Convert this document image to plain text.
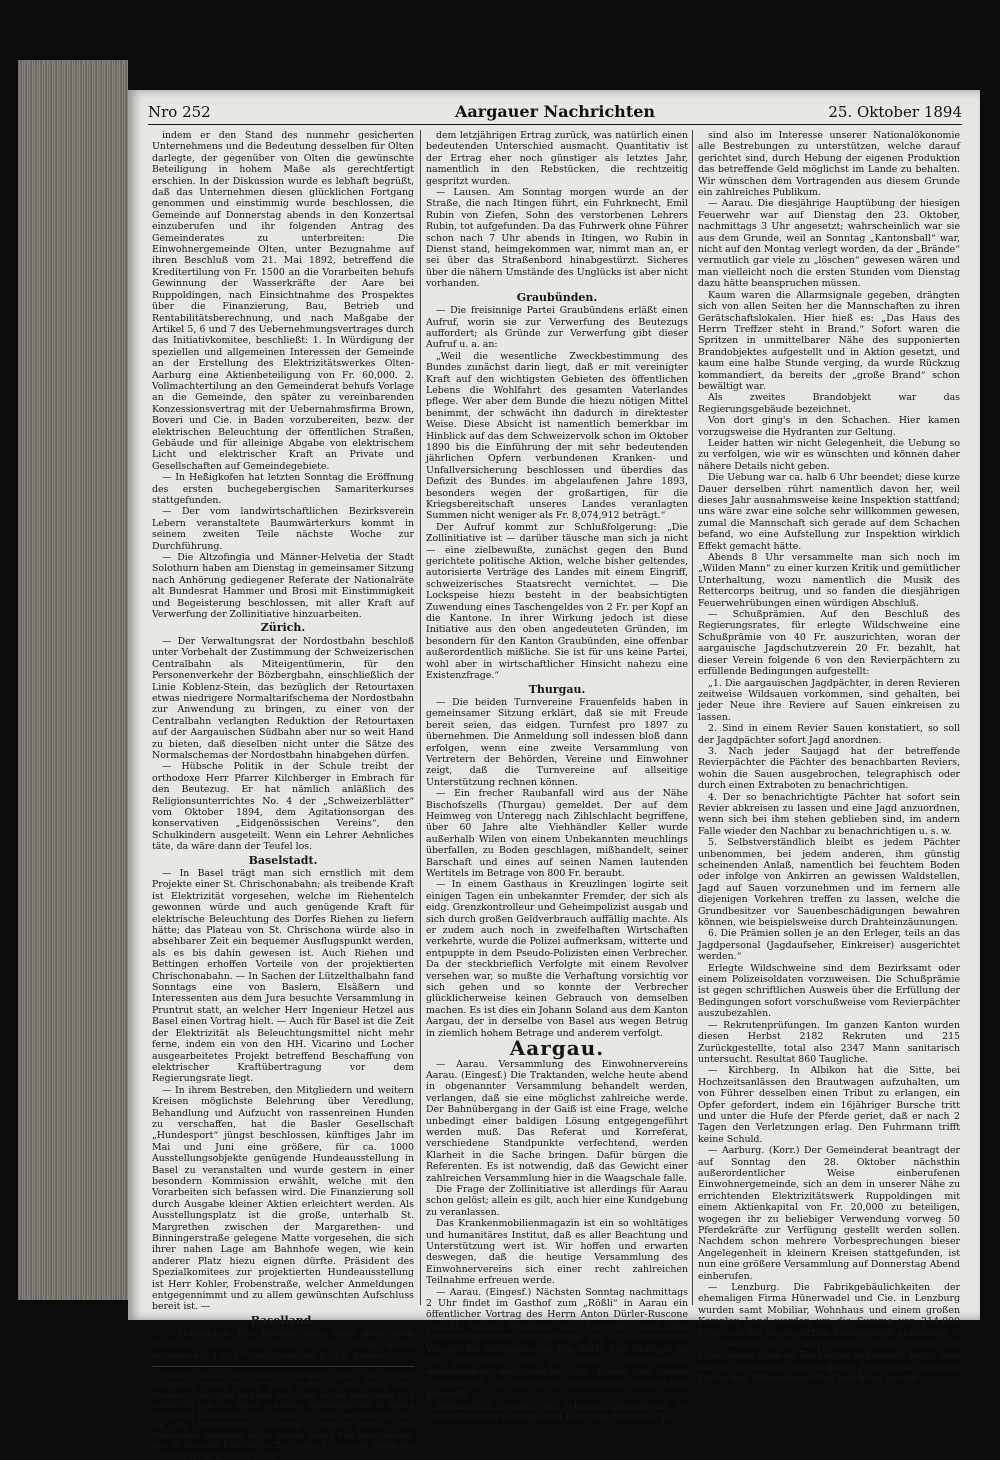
Nro 252	Aargauer Nachrichten	25. Oktober 1894

indem er den Stand des nunmehr gesicherten Unternehmens und die Bedeutung desselben für Olten darlegte, der gegenüber von Olten die gewünschte Beteiligung in hohem Maße als gerechtfertigt erschien. In der Diskussion wurde es lebhaft begrüßt, daß das Unternehmen diesen glücklichen Fortgang genommen und einstimmig wurde beschlossen, die Gemeinde auf Donnerstag abends in den Konzertsal einzuberufen und ihr folgenden Antrag des Gemeinderates zu unterbreiten: Die Einwohnergemeinde Olten, unter Bezugnahme auf ihren Beschluß vom 21. Mai 1892, betreffend die Kreditertilung von Fr. 1500 an die Vorarbeiten behufs Gewinnung der Wasserkräfte der Aare bei Ruppoldingen, nach Einsichtnahme des Prospektes über die Finanzierung, Bau, Betrieb und Rentabilitätsberechnung, und nach Maßgabe der Artikel 5, 6 und 7 des Uebernehmungsvertrages durch das Initiativkomitee, beschließt: 1. In Würdigung der speziellen und allgemeinen Interessen der Gemeinde an der Erstellung des Elektrizitätswerkes Olten-Aarburg eine Aktienbeteiligung von Fr. 60,000. 2. Vollmachtertilung an den Gemeinderat behufs Vorlage an die Gemeinde, den später zu vereinbarenden Konzessionsvertrag mit der Uebernahmsfirma Brown, Boveri und Cie. in Baden vorzubereiten, bezw. der elektrischen Beleuchtung der öffentlichen Straßen, Gebäude und für alleinige Abgabe von elektrischem Licht und elektrischer Kraft an Private und Gesellschaften auf Gemeindegebiete.

— In Heßigkofen hat letzten Sonntag die Eröffnung des ersten buchegebergischen Samariterkurses stattgefunden.

— Der vom landwirtschaftlichen Bezirksverein Lebern veranstaltete Baumwärterkurs kommt in seinem zweiten Teile nächste Woche zur Durchführung.

— Die Altzofingia und Männer-Helvetia der Stadt Solothurn haben am Dienstag in gemeinsamer Sitzung nach Anhörung gediegener Referate der Nationalräte alt Bundesrat Hammer und Brosi mit Einstimmigkeit und Begeisterung beschlossen, mit aller Kraft auf Verwerfung der Zollinitiative hinzuarbeiten.

Zürich.

— Der Verwaltungsrat der Nordostbahn beschloß unter Vorbehalt der Zustimmung der Schweizerischen Centralbahn als Miteigentümerin, für den Personenverkehr der Bözbergbahn, einschließlich der Linie Koblenz-Stein, das bezüglich der Retourtaxen etwas niedrigere Normaltarifschema der Nordostbahn zur Anwendung zu bringen, zu einer von der Centralbahn verlangten Reduktion der Retourtaxen auf der Aargauischen Südbahn aber nur so weit Hand zu bieten, daß dieselben nicht unter die Sätze des Normalschemas der Nordostbahn hinabgehen dürfen.

— Hübsche Politik in der Schule treibt der orthodoxe Herr Pfarrer Kilchberger in Embrach für den Beutezug. Er hat nämlich anläßlich des Religionsunterrichtes No. 4 der „Schweizerblätter“ vom Oktober 1894, dem Agitationsorgan des konservativen „Eidgenössischen Vereins“, den Schulkindern ausgeteilt. Wenn ein Lehrer Aehnliches täte, da wäre dann der Teufel los.

Baselstadt.

— In Basel trägt man sich ernstlich mit dem Projekte einer St. Chrischonabahn; als treibende Kraft ist Elektrizität vorgesehen, welche im Riehentelch gewonnen würde und auch genügende Kraft für elektrische Beleuchtung des Dorfes Riehen zu liefern hätte; das Plateau von St. Chrischona würde also in absehbarer Zeit ein bequemer Ausflugspunkt werden, als es bis dahin gewesen ist. Auch Riehen und Bettingen erhoffen Vorteile von der projektierten Chrischonabahn. — In Sachen der Lützelthalbahn fand Sonntags eine von Baslern, Elsäßern und Interessenten aus dem Jura besuchte Versammlung in Pruntrut statt, an welcher Herr Ingenieur Hetzel aus Basel einen Vortrag hielt. — Auch für Basel ist die Zeit der Elektrizität als Beleuchtungsmittel nicht mehr ferne, indem ein von den HH. Vicarino und Locher ausgearbeitetes Projekt betreffend Beschaffung von elektrischer Kraftübertragung vor dem Regierungsrate liegt.

— In ihrem Bestreben, den Mitgliedern und weitern Kreisen möglichste Belehrung über Veredlung, Behandlung und Aufzucht von rassenreinen Hunden zu verschaffen, hat die Basler Gesellschaft „Hundesport“ jüngst beschlossen, künftiges Jahr im Mai und Juni eine größere, für ca. 1000 Ausstellungsobjekte genügende Hundeausstellung in Basel zu veranstalten und wurde gestern in einer besondern Kommission erwählt, welche mit den Vorarbeiten sich befassen wird. Die Finanzierung soll durch Ausgabe kleiner Aktien erleichtert werden. Als Ausstellungsplatz ist die große, unterhalb St. Margrethen zwischen der Margarethen- und Binningerstraße gelegene Matte vorgesehen, die sich ihrer nahen Lage am Bahnhofe wegen, wie kein anderer Platz hiezu eignen dürfte. Präsident des Spezialkomitees zur projektierten Hundeausstellung ist Herr Kohler, Frobenstraße, welcher Anmeldungen entgegennimmt und zu allem gewünschten Aufschluss bereit ist. —

Baselland.

— Maisprach. Der hiesige neue Rote zieht nach Oechslin 78—80°, der Weiße 62—65°. Damit bleibt ersterer mit 15—17°, letzterer mit 8—10° hinter

standen und als die Hände geschüttelt hatten, ging sie die steinernen Stufen hinauf. Dabei raffte sie den Saum ihres Kleides in die Höhe und ließ mich zum ersten Male ihren Fuß sehen. Es war ein feiner, schmaler Damenfuß, der in einem eleganten Lackstiefelchen steckte. Es war merkwürdig, daß ich im Aussehreiten, nachdem Leopold Hülsler das Verbrechen begangen hatte, gerade diesen Fuß sehen mußte. Das ist derselbe Fuß, deffen Zeichnung ich bei den Akten des Untersuchungsprozesses habe.

dem letzjährigen Ertrag zurück, was natürlich einen bedeutenden Unterschied ausmacht. Quantitativ ist der Ertrag eher noch günstiger als letztes Jahr, namentlich in den Rebstücken, die rechtzeitig gespritzt wurden.

— Lausen. Am Sonntag morgen wurde an der Straße, die nach Itingen führt, ein Fuhrknecht, Emil Rubin von Ziefen, Sohn des verstorbenen Lehrers Rubin, tot aufgefunden. Da das Fuhrwerk ohne Führer schon nach 7 Uhr abends in Itingen, wo Rubin in Dienst stand, heimgekommen war, nimmt man an, er sei über das Straßenbord hinabgestürzt. Sicheres über die nähern Umstände des Unglücks ist aber nicht vorhanden.

Graubünden.

— Die freisinnige Partei Graubündens erläßt einen Aufruf, worin sie zur Verwerfung des Beutezugs auffordert; als Gründe zur Verwerfung gibt dieser Aufruf u. a. an:

„Weil die wesentliche Zweckbestimmung des Bundes zunächst darin liegt, daß er mit vereinigter Kraft auf den wichtigsten Gebieten des öffentlichen Lebens die Wohlfahrt des gesamten Vaterlandes pflege. Wer aber dem Bunde die hiezu nötigen Mittel benimmt, der schwächt ihn dadurch in direktester Weise. Diese Absicht ist namentlich bemerkbar im Hinblick auf das dem Schweizervolk schon im Oktober 1890 bis die Einführung der mit sehr bedeutenden jährlichen Opfern verbundenen Kranken- und Unfallversicherung beschlossen und überdies das Defizit des Bundes im abgelaufenen Jahre 1893, besonders wegen der großartigen, für die Kriegsbereitschaft unseres Landes veranlagten Summen nicht weniger als Fr. 8,074,912 beträgt.“

Der Aufruf kommt zur Schlußfolgerung: „Die Zollinitiative ist — darüber täusche man sich ja nicht — eine zielbewußte, zunächst gegen den Bund gerichtete politische Aktion, welche bisher geltendes, autorisierte Verträge des Landes mit einem Eingriff, schweizerisches Staatsrecht vernichtet. — Die Lockspeise hiezu besteht in der beabsichtigten Zuwendung eines Taschengeldes von 2 Fr. per Kopf an die Kantone. In ihrer Wirkung jedoch ist diese Initiative aus den oben angedeuteten Gründen, im besondern für den Kanton Graubünden, eine offenbar außerordentlich mißliche. Sie ist für uns keine Partei, wohl aber in wirtschaftlicher Hinsicht nahezu eine Existenzfrage.“

Thurgau.

— Die beiden Turnvereine Frauenfelds haben in gemeinsamer Sitzung erklärt, daß sie mit Freude bereit seien, das eidgen. Turnfest pro 1897 zu übernehmen. Die Anmeldung soll indessen bloß dann erfolgen, wenn eine zweite Versammlung von Vertretern der Behörden, Vereine und Einwohner zeigt, daß die Turnvereine auf allseitige Unterstützung rechnen können.

— Ein frecher Raubanfall wird aus der Nähe Bischofszells (Thurgau) gemeldet. Der auf dem Heimweg von Unteregg nach Zihlschlacht begriffene, über 60 Jahre alte Viehhändler Keller wurde außerhalb Wilen von einem Unbekannten meuchlings überfallen, zu Boden geschlagen, mißhandelt, seiner Barschaft und eines auf seinen Namen lautenden Wertitels im Betrage von 800 Fr. beraubt.

— In einem Gasthaus in Kreuzlingen logirte seit einigen Tagen ein unbekannter Fremder, der sich als eidg. Grenzkontrolleur und Geheimpolizist ausgab und sich durch großen Geldverbrauch auffällig machte. Als er zudem auch noch in zweifelhaften Wirtschaften verkehrte, wurde die Polizei aufmerksam, witterte und entpuppte in dem Pseudo-Polizisten einen Verbrecher. Da der steckbrieflich Verfolgte mit einem Revolver versehen war, so mußte die Verhaftung vorsichtig vor sich gehen und so konnte der Verbrecher glücklicherweise keinen Gebrauch von demselben machen. Es ist dies ein Johann Soland aus dem Kanton Aargau, der in derselbe von Basel aus wegen Betrug in ziemlich hohem Betrage und anderem verfolgt.

Aargau.

— Aarau. Versammlung des Einwohnervereins Aarau. (Eingesf.) Die Traktanden, welche heute abend in obgenannter Versammlung behandelt werden, verlangen, daß sie eine möglichst zahlreiche werde. Der Bahnübergang in der Gaiß ist eine Frage, welche unbedingt einer baldigen Lösung entgegengeführt werden muß. Das Referat und Korreferat, verschiedene Standpunkte verfechtend, werden Klarheit in die Sache bringen. Dafür bürgen die Referenten. Es ist notwendig, daß das Gewicht einer zahlreichen Versammlung hier in die Waagschale falle.

Die Frage der Zollinitiative ist allerdings für Aarau schon gelöst; allein es gilt, auch hier eine Kundgebung zu veranlassen.

Das Krankenmobilienmagazin ist ein so wohltätiges und humanitäres Institut, daß es aller Beachtung und Unterstützung wert ist. Wir hoffen und erwarten deswegen, daß die heutige Versammlung des Einwohnervereins sich einer recht zahlreichen Teilnahme erfreuen werde.

— Aarau. (Eingesf.) Nächsten Sonntag nachmittags 2 Uhr findet im Gasthof zum „Rößli“ in Aarau ein öffentlicher Vortrag des Herrn Anton Dürler-Ruscone von St. Gallen, Redaktor der „Tierwelt“, statt über Nutzgeflügelzucht, im Auftrage des schweizerischen Vereins für Geflügelzucht. Die Zucht von Geflügel ist für jedermann und es werden Interessenten, insbesondere auch solche vom Lande, auf diese Gelegenheit zur Belehrung gebührend aufmerksam gemacht.

Bekanntlich bezieht die Schweiz fortwährend für große Summen Geflügel und Eier vom Auslande. Es

sind also im Interesse unserer Nationalökonomie alle Bestrebungen zu unterstützen, welche darauf gerichtet sind, durch Hebung der eigenen Produktion das betreffende Geld möglichst im Lande zu behalten. Wir wünschen dem Vortragenden aus diesem Grunde ein zahlreiches Publikum.

— Aarau. Die diesjährige Hauptübung der hiesigen Feuerwehr war auf Dienstag den 23. Oktober, nachmittags 3 Uhr angesetzt; wahrscheinlich war sie aus dem Grunde, weil an Sonntag „Kantonsball“ war, nicht auf den Montag verlegt worden, da der „Brände“ vermutlich gar viele zu „löschen“ gewesen wären und man vielleicht noch die ersten Stunden vom Dienstag dazu hätte beanspruchen müssen.

Kaum waren die Allarmsignale gegeben, drängten sich von allen Seiten her die Mannschaften zu ihren Gerätschaftslokalen. Hier hieß es: „Das Haus des Herrn Treffzer steht in Brand.“ Sofort waren die Spritzen in unmittelbarer Nähe des supponierten Brandobjektes aufgestellt und in Aktion gesetzt, und kaum eine halbe Stunde verging, da wurde Rückzug kommandiert, da bereits der „große Brand“ schon bewältigt war.

Als zweites Brandobjekt war das Regierungsgebäude bezeichnet.

Von dort ging's in den Schachen. Hier kamen vorzugsweise die Hydranten zur Geltung.

Leider hatten wir nicht Gelegenheit, die Uebung so zu verfolgen, wie wir es wünschten und können daher nähere Details nicht geben.

Die Uebung war ca. halb 6 Uhr beendet; diese kurze Dauer derselben rührt namentlich davon her, weil dieses Jahr ausnahmsweise keine Inspektion stattfand; uns wäre zwar eine solche sehr willkommen gewesen, zumal die Mannschaft sich gerade auf dem Schachen befand, wo eine Aufstellung zur Inspektion wirklich Effekt gemacht hätte.

Abends 8 Uhr versammelte man sich noch im „Wilden Mann“ zu einer kurzen Kritik und gemütlicher Unterhaltung, wozu namentlich die Musik des Rettercorps beitrug, und so fanden die diesjährigen Feuerwehrübungen einen würdigen Abschluß.

— Schußprämien. Auf den Beschluß des Regierungsrates, für erlegte Wildschweine eine Schußprämie von 40 Fr. auszurichten, woran der aargauische Jagdschutzverein 20 Fr. bezahlt, hat dieser Verein folgende 6 von den Revierpächtern zu erfüllende Bedingungen aufgestellt:

„1. Die aargauischen Jagdpächter, in deren Revieren zeitweise Wildsauen vorkommen, sind gehalten, bei jeder Neue ihre Reviere auf Sauen einkreisen zu lassen.

2. Sind in einem Revier Sauen konstatiert, so soll der Jagdpächter sofort Jagd anordnen.

3. Nach jeder Saujagd hat der betreffende Revierpächter die Pächter des benachbarten Reviers, wohin die Sauen ausgebrochen, telegraphisch oder durch einen Extraboten zu benachrichtigen.

4. Der so benachrichtigte Pächter hat sofort sein Revier abkreisen zu lassen und eine Jagd anzuordnen, wenn sich bei ihm stehen geblieben sind, im andern Falle wieder den Nachbar zu benachrichtigen u. s. w.

5. Selbstverständlich bleibt es jedem Pächter unbenommen, bei jedem anderen, ihm günstig scheinenden Anlaß, namentlich bei feuchtem Boden oder infolge von Ankirren an gewissen Waldstellen, Jagd auf Sauen vorzunehmen und im fernern alle diejenigen Vorkehren treffen zu lassen, welche die Grundbesitzer vor Sauenbeschädigungen bewahren können, wie beispielsweise durch Drahteinzäunungen.

6. Die Prämien sollen je an den Erleger, teils an das Jagdpersonal (Jagdaufseher, Einkreiser) ausgerichtet werden.“

Erlegte Wildschweine sind dem Bezirksamt oder einem Polizeisoldaten vorzuweisen. Die Schußprämie ist gegen schriftlichen Ausweis über die Erfüllung der Bedingungen sofort vorschußweise vom Revierpächter auszubezahlen.

— Rekrutenprüfungen. Im ganzen Kanton wurden diesen Herbst 2182 Rekruten und 215 Zurückgestellte, total also 2347 Mann sanitarisch untersucht. Resultat 860 Taugliche.

— Kirchberg. In Albikon hat die Sitte, bei Hochzeitsanlässen den Brautwagen aufzuhalten, um von Führer desselben einen Tribut zu erlangen, ein Opfer gefordert, indem ein 16jähriger Bursche tritt und unter die Hufe der Pferde geriet, daß er nach 2 Tagen den Verletzungen erlag. Den Fuhrmann trifft keine Schuld.

— Aarburg. (Korr.) Der Gemeinderat beantragt der auf Sonntag den 28. Oktober nächsthin außerordentlicher Weise einberufenen Einwohnergemeinde, sich an dem in unserer Nähe zu errichtenden Elektrizitätswerk Ruppoldingen mit einem Aktienkapital von Fr. 20,000 zu beteiligen, wogegen ihr zu beliebiger Verwendung vorweg 50 Pferdekräfte zur Verfügung gestellt werden sollen. Nachdem schon mehrere Vorbesprechungen bieser Angelegenheit in kleinern Kreisen stattgefunden, ist nun eine größere Versammlung auf Donnerstag Abend einberufen.

— Lenzburg. Die Fabrikgebäulichkeiten der ehemaligen Firma Hünerwadel und Cie. in Lenzburg wurden samt Mobiliar, Wohnhaus und einem großen Komplex Land worden um die Summe von 214,000 Frkn. von der aargauischen Kreditanstalt erstanden.

— Reinach. In der Bierbrauerei Glaser erfolgte, als Frau Glaser eben im Kochherde angefeuert hatte, eine starke Detonation und ein ganze Feuermand zwischen Küche und Wohnzimmer flog krachend ausein-
